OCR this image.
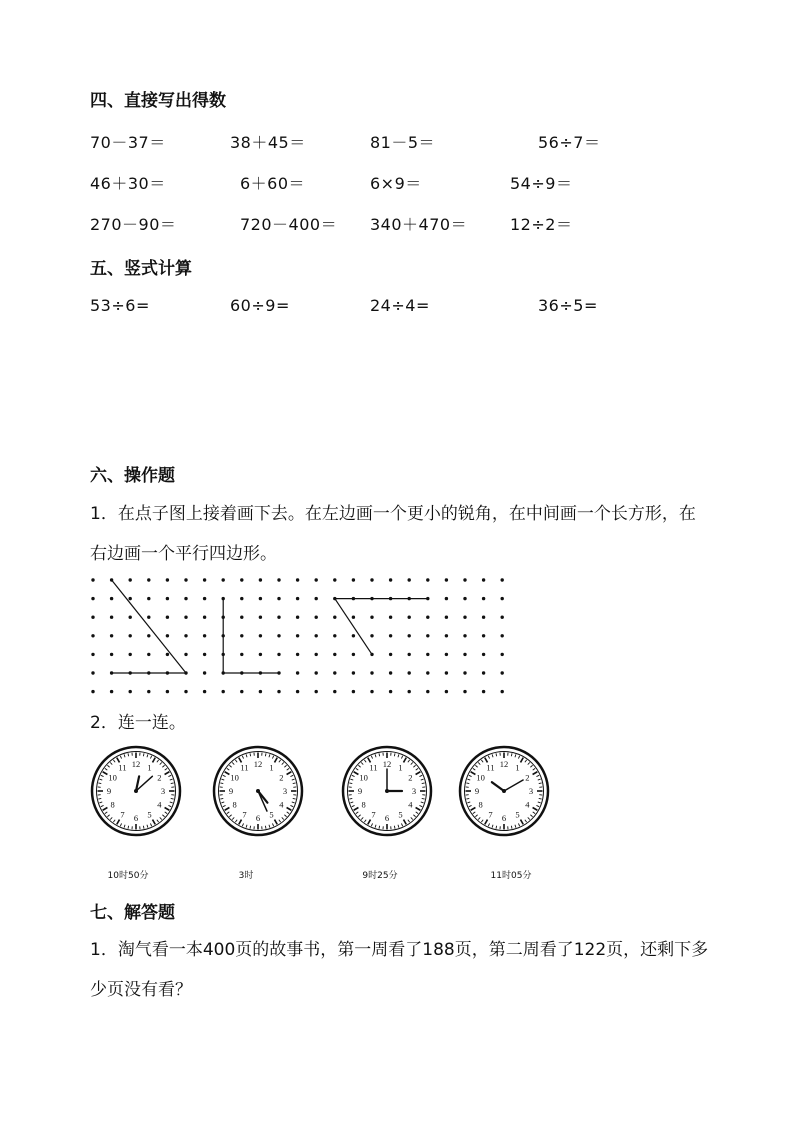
四、直接写出得数
70－37＝	38＋45＝	81－5＝	56÷7＝
46＋30＝	6＋60＝	6×9＝	54÷9＝
270－90＝	720－400＝ 340＋470＝	12÷2＝
五、竖式计算
53÷6=	60÷9=	24÷4=	36÷5=
六、操作题
1．在点子图上接着画下去。在左边画一个更小的锐角，在中间画一个长方形，在右边画一个平行四边形。
2．连一连。
12 1
2
3
4
5
6
7
8
9
10
11	12 1
2
3
4
5
6
7
8
9
10
11	12 1
2
3
4
5
6
7
8
9
10
11	12 1
2
3
4
5
6
7
8
9
10
11
10时50分	3时	9时25分	11时05分
七、解答题
1．淘气看一本400页的故事书，第一周看了188页，第二周看了122页，还剩下多少页没有看？
